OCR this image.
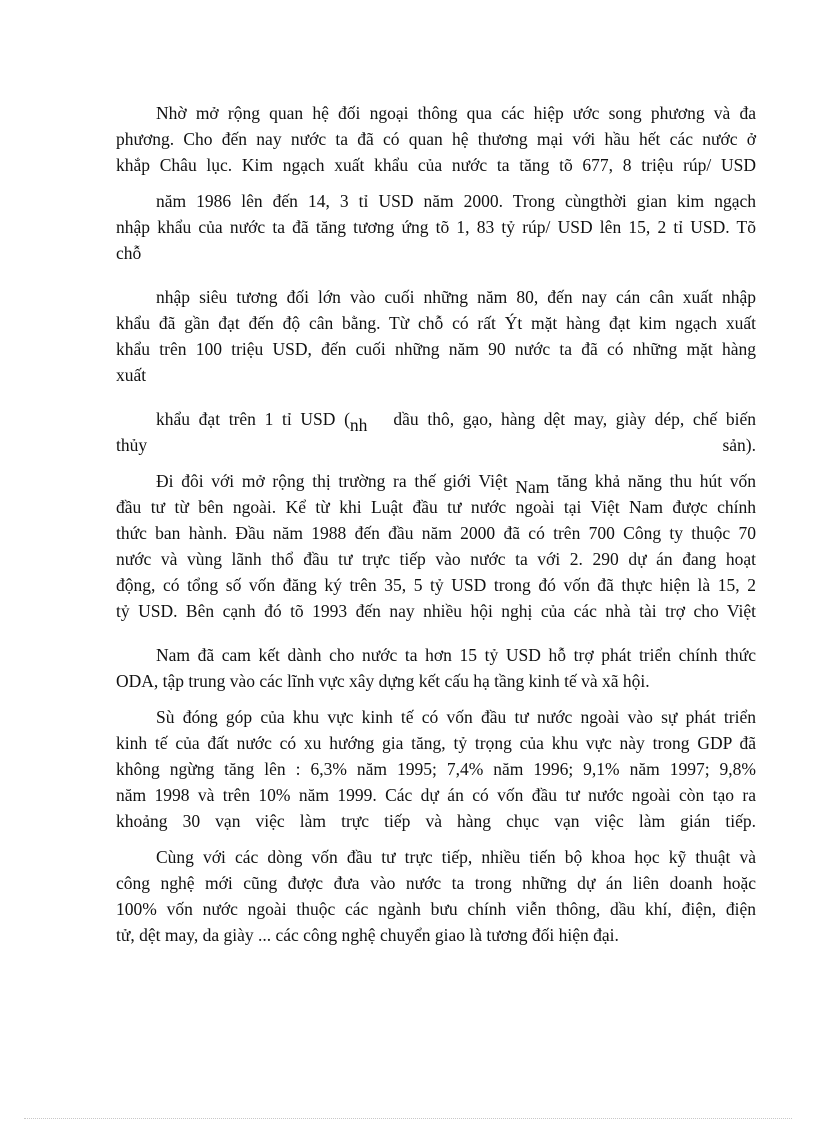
Nhờ mở rộng quan hệ đối ngoại thông qua các hiệp ước song phương và đa
phương. Cho đến nay nước ta đã có quan hệ thương mại với hầu hết các nước ở
khắp Châu lục. Kim ngạch xuất khẩu của nước ta tăng tõ 677, 8 triệu rúp/ USD
năm 1986 lên đến 14, 3 tỉ USD năm 2000. Trong cùngthời gian kim ngạch
nhập khẩu của nước ta đã tăng tương ứng tõ 1, 83 tỷ rúp/ USD lên 15, 2 tỉ USD. Tõ
chỗ
nhập siêu tương đối lớn vào cuối những năm 80, đến nay cán cân xuất nhập
khẩu đã gần đạt đến độ cân bằng. Từ chỗ có rất Ýt mặt hàng đạt kim ngạch xuất
khẩu trên 100 triệu USD, đến cuối những năm 90 nước ta đã có những mặt hàng
xuất
khẩu đạt trên 1 tỉ USD (nh dầu thô, gạo, hàng dệt may, giày dép, chế biến
thủy	sản).
Đi đôi với mở rộng thị trường ra thế giới Việt Nam tăng khả năng thu hút vốn
đầu tư từ bên ngoài. Kể từ khi Luật đầu tư nước ngoài tại Việt Nam được chính
thức ban hành. Đầu năm 1988 đến đầu năm 2000 đã có trên 700 Công ty thuộc 70
nước và vùng lãnh thổ đầu tư trực tiếp vào nước ta với 2. 290 dự án đang hoạt
động, có tổng số vốn đăng ký trên 35, 5 tỷ USD trong đó vốn đã thực hiện là 15, 2
tỷ USD. Bên cạnh đó tõ 1993 đến nay nhiều hội nghị của các nhà tài trợ cho Việt
Nam đã cam kết dành cho nước ta hơn 15 tỷ USD hỗ trợ phát triển chính thức
ODA, tập trung vào các lĩnh vực xây dựng kết cấu hạ tầng kinh tế và xã hội.
Sù đóng góp của khu vực kinh tế có vốn đầu tư nước ngoài vào sự phát triển
kinh tế của đất nước có xu hướng gia tăng, tỷ trọng của khu vực này trong GDP đã
không ngừng tăng lên : 6,3% năm 1995; 7,4% năm 1996; 9,1% năm 1997; 9,8%
năm 1998 và trên 10% năm 1999. Các dự án có vốn đầu tư nước ngoài còn tạo ra
khoảng 30 vạn việc làm trực tiếp và hàng chục vạn việc làm gián tiếp.
Cùng với các dòng vốn đầu tư trực tiếp, nhiều tiến bộ khoa học kỹ thuật và
công nghệ mới cũng được đưa vào nước ta trong những dự án liên doanh hoặc
100% vốn nước ngoài thuộc các ngành bưu chính viễn thông, dầu khí, điện, điện
tử, dệt may, da giày ... các công nghệ chuyển giao là tương đối hiện đại.
